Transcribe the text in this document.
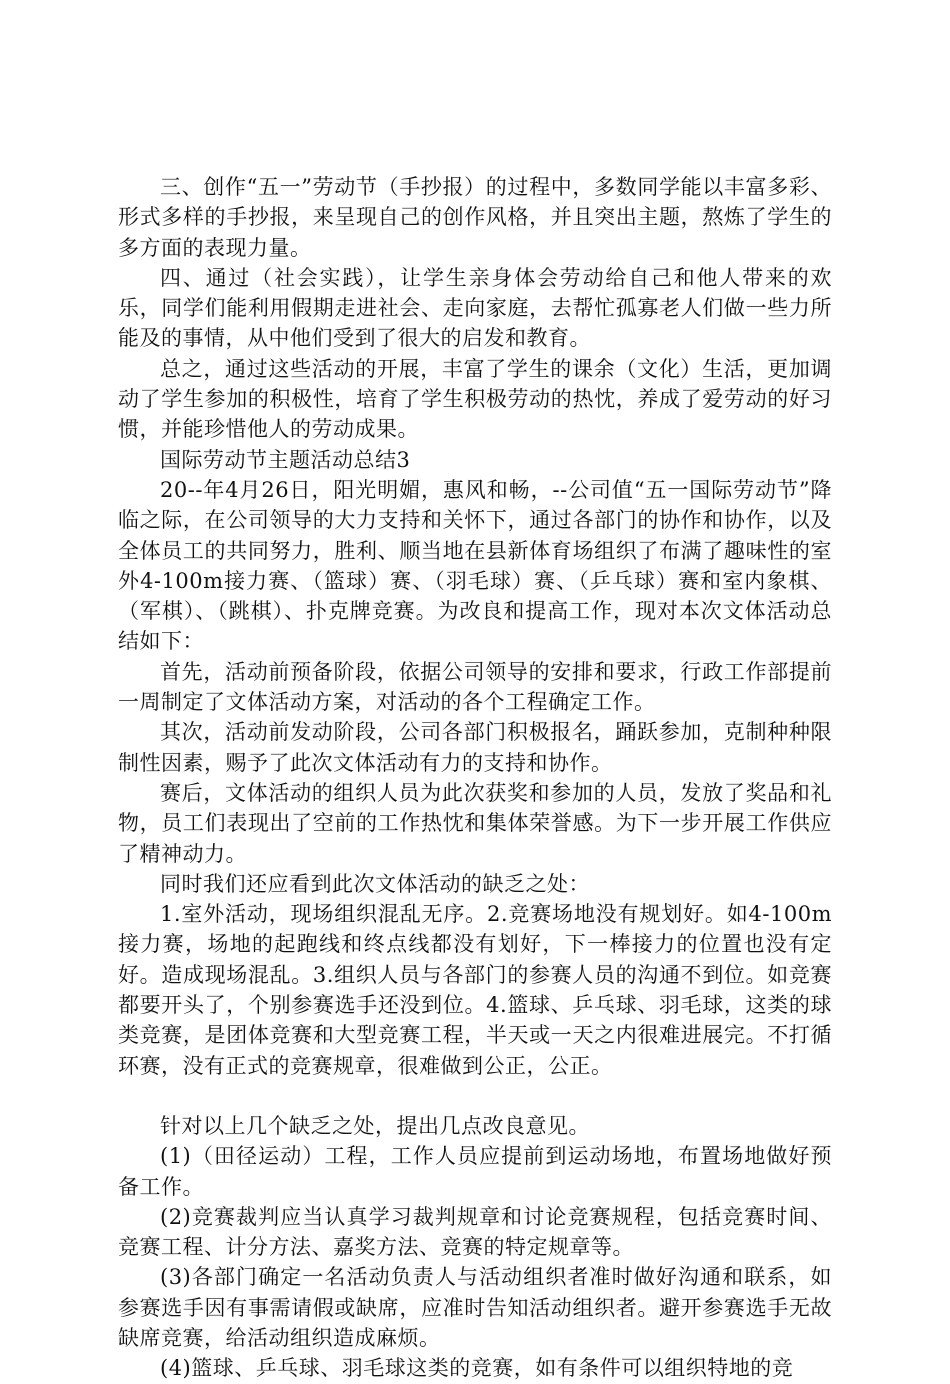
三、创作“五一”劳动节（手抄报）的过程中，多数同学能以丰富多彩、形式多样的手抄报，来呈现自己的创作风格，并且突出主题，熬炼了学生的多方面的表现力量。

四、通过（社会实践），让学生亲身体会劳动给自己和他人带来的欢乐，同学们能利用假期走进社会、走向家庭，去帮忙孤寡老人们做一些力所能及的事情，从中他们受到了很大的启发和教育。

总之，通过这些活动的开展，丰富了学生的课余（文化）生活，更加调动了学生参加的积极性，培育了学生积极劳动的热忱，养成了爱劳动的好习惯，并能珍惜他人的劳动成果。

国际劳动节主题活动总结3

20--年4月26日，阳光明媚，惠风和畅，--公司值“五一国际劳动节”降临之际，在公司领导的大力支持和关怀下，通过各部门的协作和协作，以及全体员工的共同努力，胜利、顺当地在县新体育场组织了布满了趣味性的室外4-100m接力赛、（篮球）赛、（羽毛球）赛、（乒乓球）赛和室内象棋、（军棋）、（跳棋）、扑克牌竞赛。为改良和提高工作，现对本次文体活动总结如下：

首先，活动前预备阶段，依据公司领导的安排和要求，行政工作部提前一周制定了文体活动方案，对活动的各个工程确定工作。

其次，活动前发动阶段，公司各部门积极报名，踊跃参加，克制种种限制性因素，赐予了此次文体活动有力的支持和协作。

赛后，文体活动的组织人员为此次获奖和参加的人员，发放了奖品和礼物，员工们表现出了空前的工作热忱和集体荣誉感。为下一步开展工作供应了精神动力。

同时我们还应看到此次文体活动的缺乏之处：

1.室外活动，现场组织混乱无序。2.竞赛场地没有规划好。如4-100m接力赛，场地的起跑线和终点线都没有划好，下一棒接力的位置也没有定好。造成现场混乱。3.组织人员与各部门的参赛人员的沟通不到位。如竞赛都要开头了，个别参赛选手还没到位。4.篮球、乒乓球、羽毛球，这类的球类竞赛，是团体竞赛和大型竞赛工程，半天或一天之内很难进展完。不打循环赛，没有正式的竞赛规章，很难做到公正，公正。

针对以上几个缺乏之处，提出几点改良意见。

(1)（田径运动）工程，工作人员应提前到运动场地，布置场地做好预备工作。

(2)竞赛裁判应当认真学习裁判规章和讨论竞赛规程，包括竞赛时间、竞赛工程、计分方法、嘉奖方法、竞赛的特定规章等。

(3)各部门确定一名活动负责人与活动组织者准时做好沟通和联系，如参赛选手因有事需请假或缺席，应准时告知活动组织者。避开参赛选手无故缺席竞赛，给活动组织造成麻烦。

(4)篮球、乒乓球、羽毛球这类的竞赛，如有条件可以组织特地的竞
